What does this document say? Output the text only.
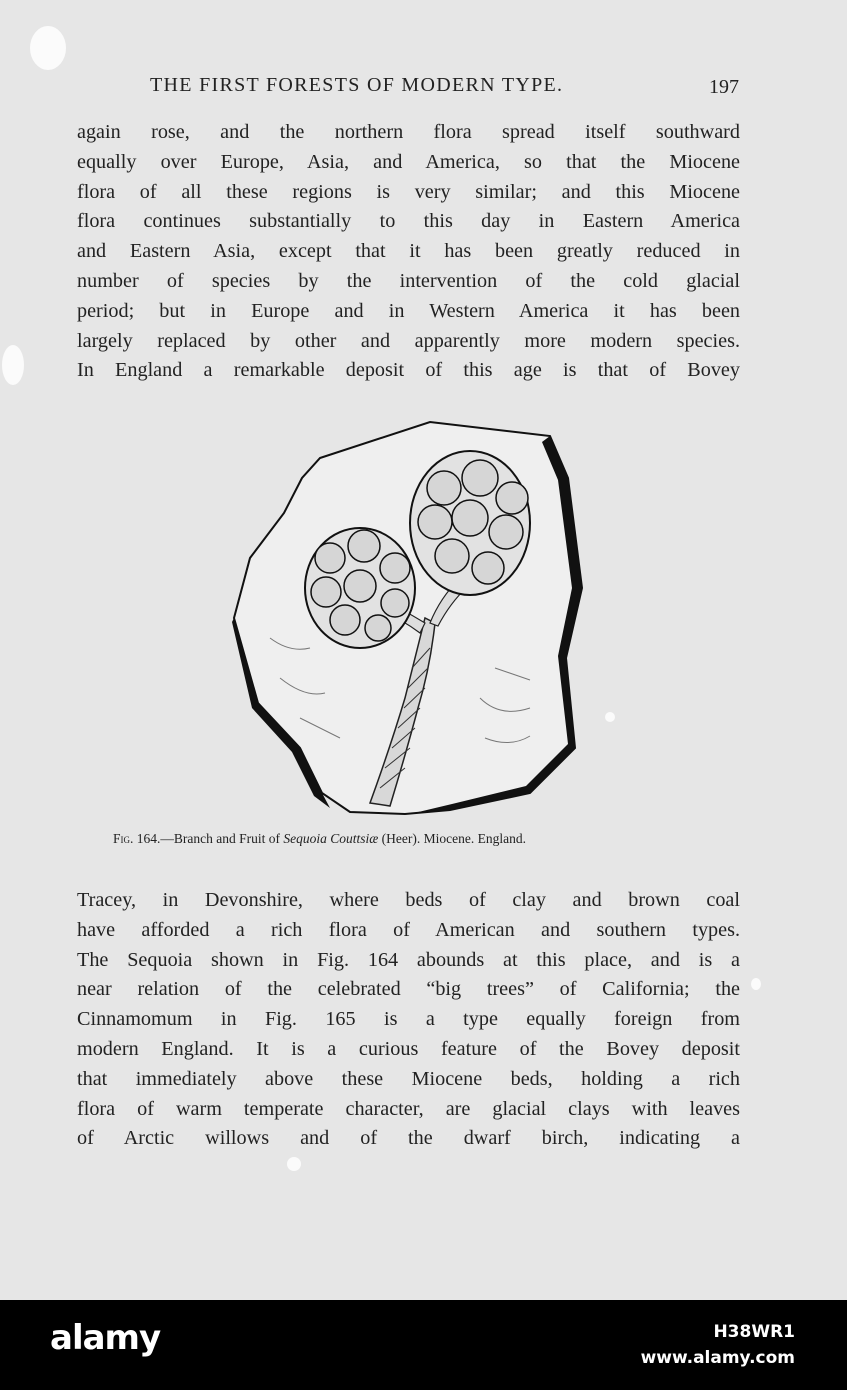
THE FIRST FORESTS OF MODERN TYPE.	197

again rose, and the northern flora spread itself southward

equally over Europe, Asia, and America, so that the Miocene

flora of all these regions is very similar; and this Miocene

flora continues substantially to this day in Eastern America

and Eastern Asia, except that it has been greatly reduced in

number of species by the intervention of the cold glacial

period; but in Europe and in Western America it has been

largely replaced by other and apparently more modern species.

In England a remarkable deposit of this age is that of Bovey

Fig. 164.—Branch and Fruit of Sequoia Couttsiæ (Heer). Miocene. England.

Tracey, in Devonshire, where beds of clay and brown coal

have afforded a rich flora of American and southern types.

The Sequoia shown in Fig. 164 abounds at this place, and is a

near relation of the celebrated “big trees” of California; the

Cinnamomum in Fig. 165 is a type equally foreign from

modern England. It is a curious feature of the Bovey deposit

that immediately above these Miocene beds, holding a rich

flora of warm temperate character, are glacial clays with leaves

of Arctic willows and of the dwarf birch, indicating a

alamy	H38WR1
www.alamy.com
